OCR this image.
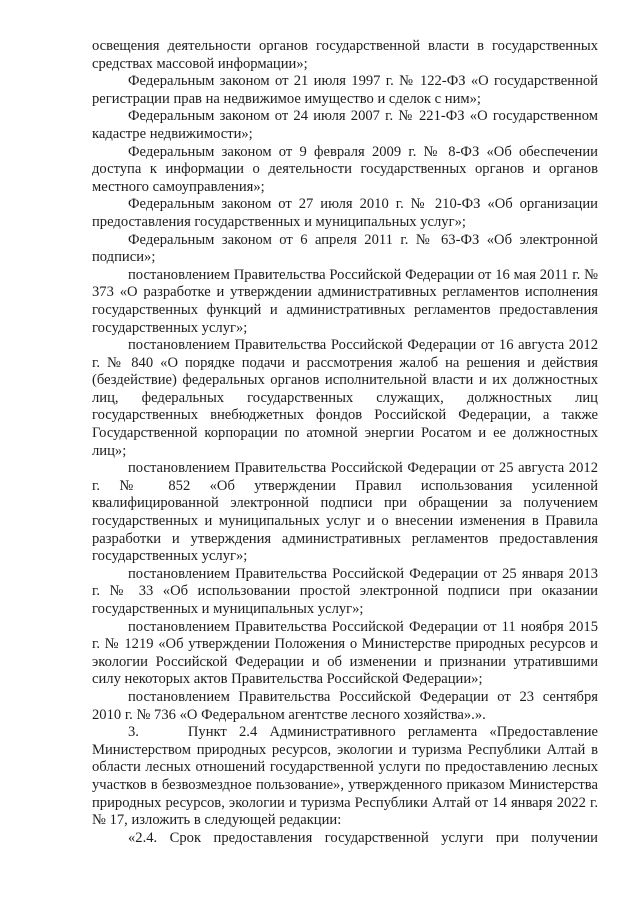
освещения деятельности органов государственной власти в государственных средствах массовой информации»;

Федеральным законом от 21 июля 1997 г. № 122-ФЗ «О государственной регистрации прав на недвижимое имущество и сделок с ним»;

Федеральным законом от 24 июля 2007 г. № 221-ФЗ «О государственном кадастре недвижимости»;

Федеральным законом от 9 февраля 2009 г. № 8-ФЗ «Об обеспечении доступа к информации о деятельности государственных органов и органов местного самоуправления»;

Федеральным законом от 27 июля 2010 г. № 210-ФЗ «Об организации предоставления государственных и муниципальных услуг»;

Федеральным законом от 6 апреля 2011 г. № 63-ФЗ «Об электронной подписи»;

постановлением Правительства Российской Федерации от 16 мая 2011 г. № 373 «О разработке и утверждении административных регламентов исполнения государственных функций и административных регламентов предоставления государственных услуг»;

постановлением Правительства Российской Федерации от 16 августа 2012 г. № 840 «О порядке подачи и рассмотрения жалоб на решения и действия (бездействие) федеральных органов исполнительной власти и их должностных лиц, федеральных государственных служащих, должностных лиц государственных внебюджетных фондов Российской Федерации, а также Государственной корпорации по атомной энергии Росатом и ее должностных лиц»;

постановлением Правительства Российской Федерации от 25 августа 2012 г. № 852 «Об утверждении Правил использования усиленной квалифицированной электронной подписи при обращении за получением государственных и муниципальных услуг и о внесении изменения в Правила разработки и утверждения административных регламентов предоставления государственных услуг»;

постановлением Правительства Российской Федерации от 25 января 2013 г. № 33 «Об использовании простой электронной подписи при оказании государственных и муниципальных услуг»;

постановлением Правительства Российской Федерации от 11 ноября 2015 г. № 1219 «Об утверждении Положения о Министерстве природных ресурсов и экологии Российской Федерации и об изменении и признании утратившими силу некоторых актов Правительства Российской Федерации»;

постановлением Правительства Российской Федерации от 23 сентября 2010 г. № 736 «О Федеральном агентстве лесного хозяйства».».

3.    Пункт 2.4 Административного регламента «Предоставление Министерством природных ресурсов, экологии и туризма Республики Алтай в области лесных отношений государственной услуги по предоставлению лесных участков в безвозмездное пользование», утвержденного приказом Министерства природных ресурсов, экологии и туризма Республики Алтай от 14 января 2022 г. № 17, изложить в следующей редакции:

«2.4. Срок предоставления государственной услуги при получении
